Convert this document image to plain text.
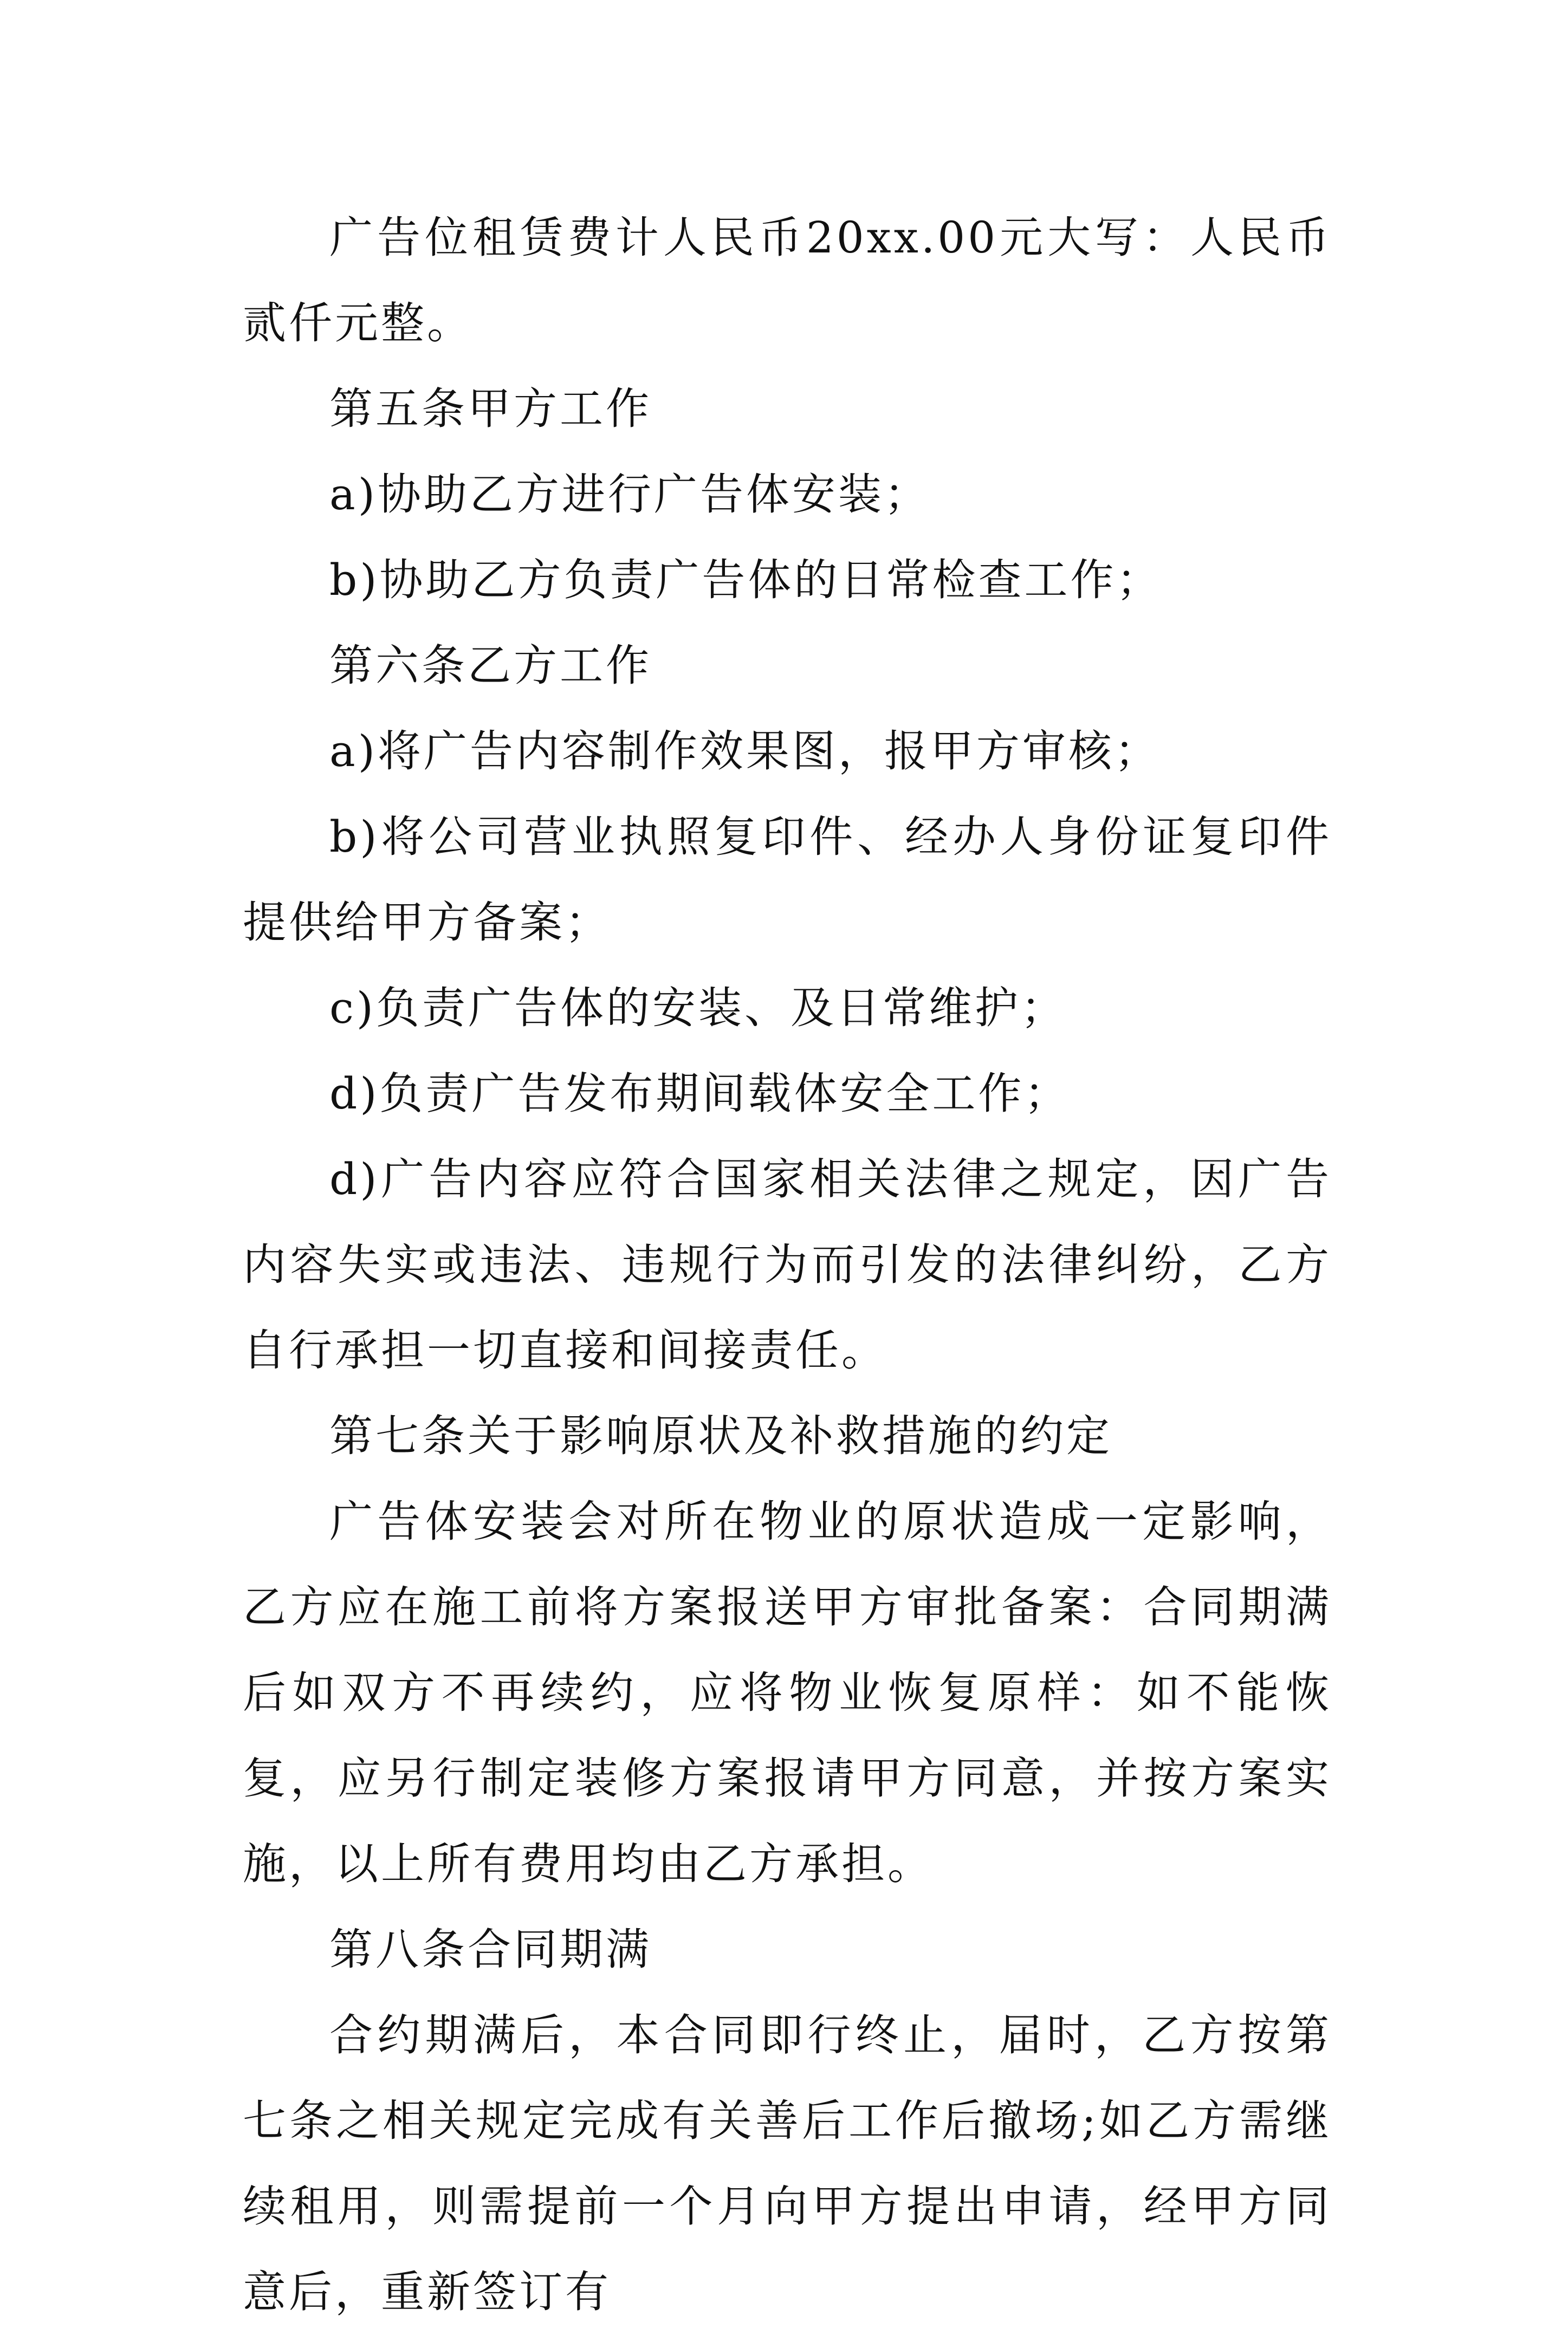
广告位租赁费计人民币20xx.00元大写：人民币贰仟元整。

第五条甲方工作

a)协助乙方进行广告体安装；

b)协助乙方负责广告体的日常检查工作；

第六条乙方工作

a)将广告内容制作效果图，报甲方审核；

b)将公司营业执照复印件、经办人身份证复印件提供给甲方备案；

c)负责广告体的安装、及日常维护；

d)负责广告发布期间载体安全工作；

d)广告内容应符合国家相关法律之规定，因广告内容失实或违法、违规行为而引发的法律纠纷，乙方自行承担一切直接和间接责任。

第七条关于影响原状及补救措施的约定

广告体安装会对所在物业的原状造成一定影响，乙方应在施工前将方案报送甲方审批备案：合同期满后如双方不再续约，应将物业恢复原样：如不能恢复，应另行制定装修方案报请甲方同意，并按方案实施，以上所有费用均由乙方承担。

第八条合同期满

合约期满后，本合同即行终止，届时，乙方按第七条之相关规定完成有关善后工作后撤场;如乙方需继续租用，则需提前一个月向甲方提出申请，经甲方同意后，重新签订有
